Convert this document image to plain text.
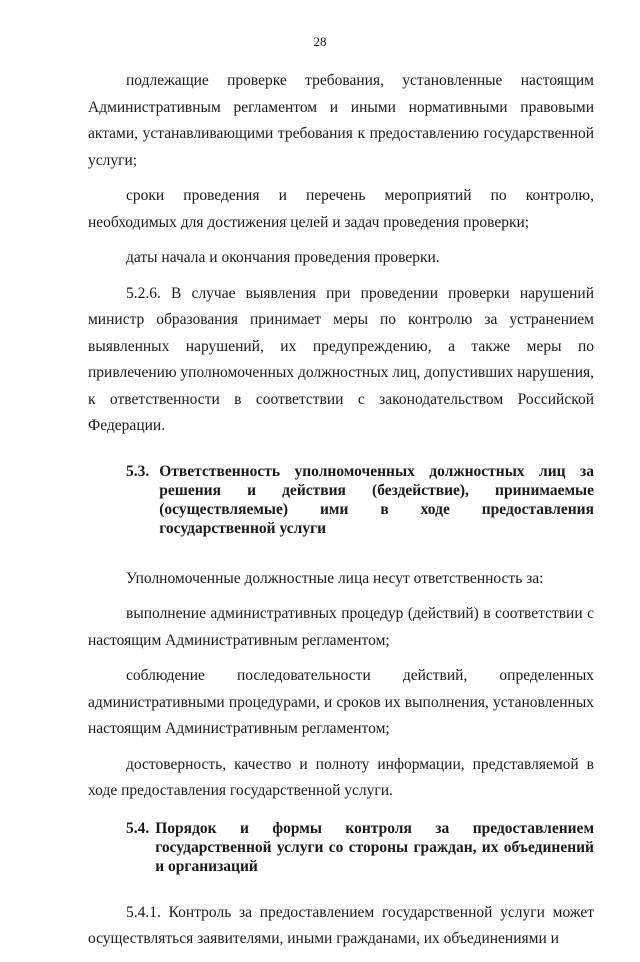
28

подлежащие проверке требования, установленные настоящим Административным регламентом и иными нормативными правовыми актами, устанавливающими требования к предоставлению государственной услуги;

сроки проведения и перечень мероприятий по контролю, необходимых для достижения целей и задач проведения проверки;

даты начала и окончания проведения проверки.

5.2.6. В случае выявления при проведении проверки нарушений министр образования принимает меры по контролю за устранением выявленных нарушений, их предупреждению, а также меры по привлечению уполномоченных должностных лиц, допустивших нарушения, к ответственности в соответствии с законодательством Российской Федерации.

5.3. Ответственность уполномоченных должностных лиц за решения и действия (бездействие), принимаемые (осуществляемые) ими в ходе предоставления государственной услуги

Уполномоченные должностные лица несут ответственность за:

выполнение административных процедур (действий) в соответствии с настоящим Административным регламентом;

соблюдение последовательности действий, определенных административными процедурами, и сроков их выполнения, установленных настоящим Административным регламентом;

достоверность, качество и полноту информации, представляемой в ходе предоставления государственной услуги.

5.4. Порядок и формы контроля за предоставлением государственной услуги со стороны граждан, их объединений и организаций

5.4.1. Контроль за предоставлением государственной услуги может осуществляться заявителями, иными гражданами, их объединениями и
